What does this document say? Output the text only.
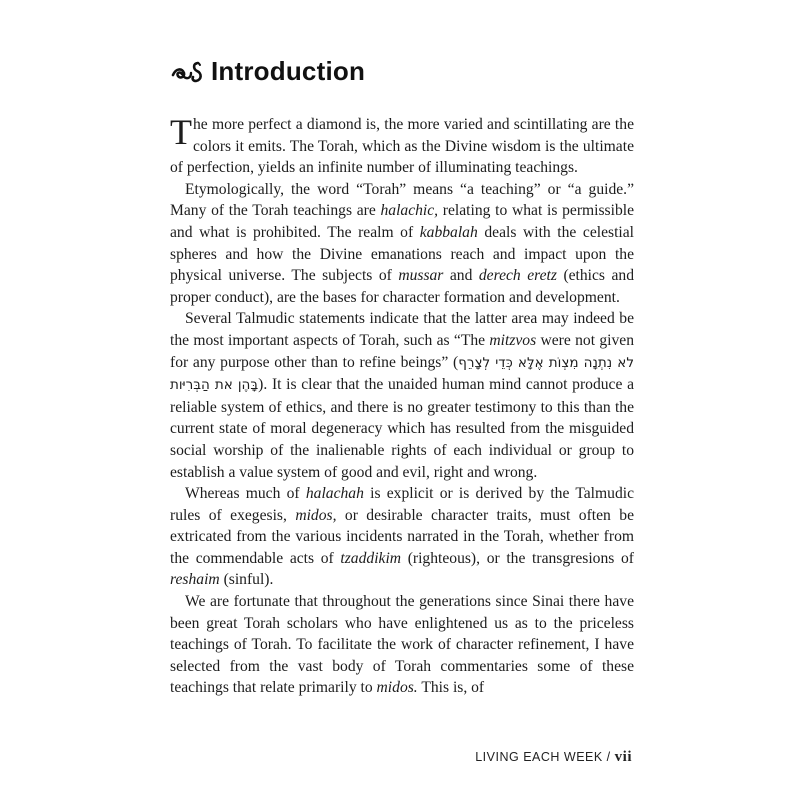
Introduction

The more perfect a diamond is, the more varied and scintillating are the colors it emits. The Torah, which as the Divine wisdom is the ultimate of perfection, yields an infinite number of illuminating teachings.

Etymologically, the word “Torah” means “a teaching” or “a guide.” Many of the Torah teachings are halachic, relating to what is permissible and what is prohibited. The realm of kabbalah deals with the celestial spheres and how the Divine emanations reach and impact upon the physical universe. The subjects of mussar and derech eretz (ethics and proper conduct), are the bases for character formation and development.

Several Talmudic statements indicate that the latter area may indeed be the most important aspects of Torah, such as “The mitzvos were not given for any purpose other than to refine beings” (לא נִתְנָה מִצְוֹת אֶלָּא כְּדֵי לְצָרֵף בָּהֶן את הַבְּרִיּות). It is clear that the unaided human mind cannot produce a reliable system of ethics, and there is no greater testimony to this than the current state of moral degeneracy which has resulted from the misguided social worship of the inalienable rights of each individual or group to establish a value system of good and evil, right and wrong.

Whereas much of halachah is explicit or is derived by the Talmudic rules of exegesis, midos, or desirable character traits, must often be extricated from the various incidents narrated in the Torah, whether from the commendable acts of tzaddikim (righteous), or the transgresions of reshaim (sinful).

We are fortunate that throughout the generations since Sinai there have been great Torah scholars who have enlightened us as to the priceless teachings of Torah. To facilitate the work of character refinement, I have selected from the vast body of Torah commentaries some of these teachings that relate primarily to midos. This is, of

LIVING EACH WEEK / vii
